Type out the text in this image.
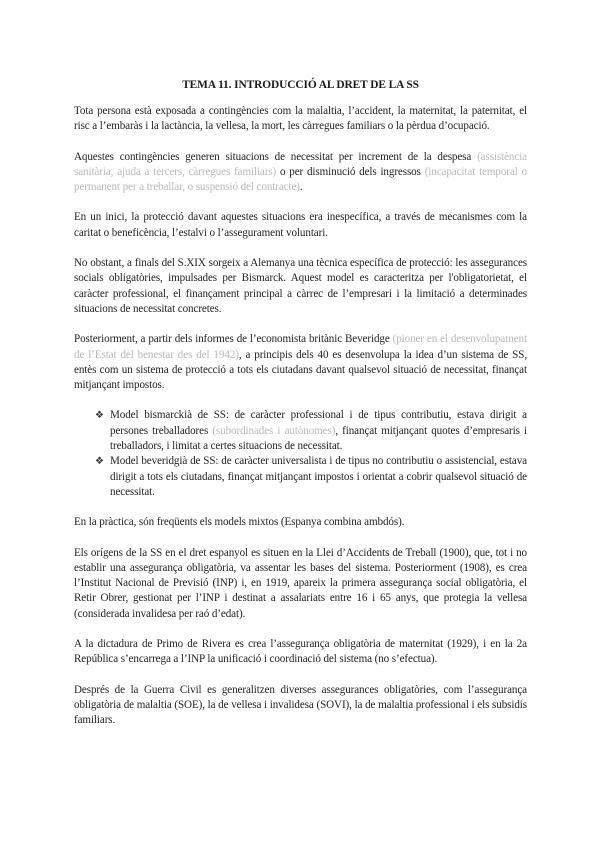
TEMA 11. INTRODUCCIÓ AL DRET DE LA SS

Tota persona està exposada a contingències com la malaltia, l’accident, la maternitat, la paternitat, el risc a l’embaràs i la lactància, la vellesa, la mort, les càrregues familiars o la pèrdua d’ocupació.

Aquestes contingències generen situacions de necessitat per increment de la despesa (assistència sanitària, ajuda a tercers, càrregues familiars) o per disminució dels ingressos (incapacitat temporal o permanent per a treballar, o suspensió del contracte).

En un inici, la protecció davant aquestes situacions era inespecífica, a través de mecanismes com la caritat o beneficència, l’estalvi o l’assegurament voluntari.

No obstant, a finals del S.XIX sorgeix a Alemanya una tècnica específica de protecció: les assegurances socials obligatòries, impulsades per Bismarck. Aquest model es caracteritza per l'obligatorietat, el caràcter professional, el finançament principal a càrrec de l’empresari i la limitació a determinades situacions de necessitat concretes.

Posteriorment, a partir dels informes de l’economista britànic Beveridge (pioner en el desenvolupament de l’Estat del benestar des del 1942), a principis dels 40 es desenvolupa la idea d’un sistema de SS, entès com un sistema de protecció a tots els ciutadans davant qualsevol situació de necessitat, finançat mitjançant impostos.

❖ Model bismarckià de SS: de caràcter professional i de tipus contributiu, estava dirigit a persones treballadores (subordinades i autònomes), finançat mitjançant quotes d’empresaris i treballadors, i limitat a certes situacions de necessitat.
❖ Model beveridgià de SS: de caràcter universalista i de tipus no contributiu o assistencial, estava dirigit a tots els ciutadans, finançat mitjançant impostos i orientat a cobrir qualsevol situació de necessitat.

En la pràctica, són freqüents els models mixtos (Espanya combina ambdós).

Els orígens de la SS en el dret espanyol es situen en la Llei d’Accidents de Treball (1900), que, tot i no establir una assegurança obligatòria, va assentar les bases del sistema. Posteriorment (1908), es crea l’Institut Nacional de Previsió (INP) i, en 1919, apareix la primera assegurança social obligatòria, el Retir Obrer, gestionat per l’INP i destinat a assalariats entre 16 i 65 anys, que protegia la vellesa (considerada invalidesa per raó d’edat).

A la dictadura de Primo de Rivera es crea l’assegurança obligatòria de maternitat (1929), i en la 2a República s’encarrega a l’INP la unificació i coordinació del sistema (no s’efectua).

Després de la Guerra Civil es generalitzen diverses assegurances obligatòries, com l’assegurança obligatòria de malaltia (SOE), la de vellesa i invalidesa (SOVI), la de malaltia professional i els subsidis familiars.
